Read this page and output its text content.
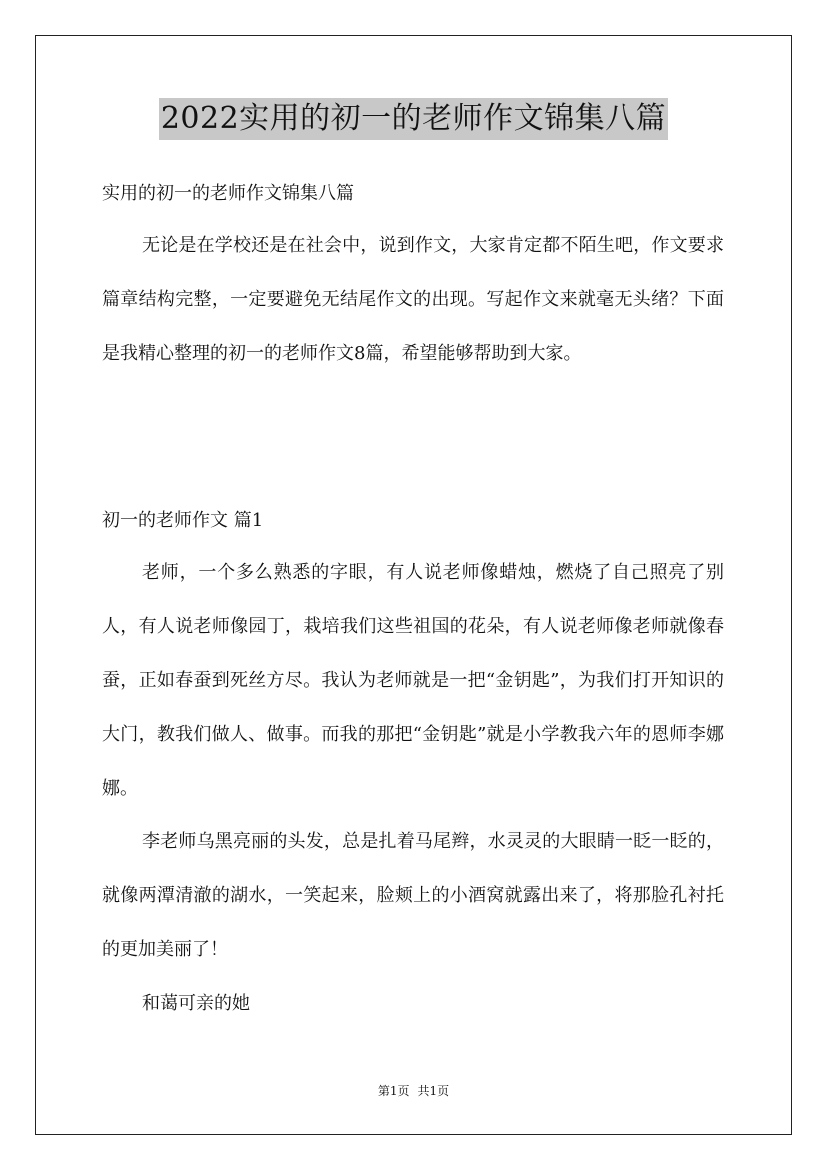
2022实用的初一的老师作文锦集八篇
实用的初一的老师作文锦集八篇

无论是在学校还是在社会中，说到作文，大家肯定都不陌生吧，作文要求篇章结构完整，一定要避免无结尾作文的出现。写起作文来就毫无头绪？下面是我精心整理的初一的老师作文8篇，希望能够帮助到大家。

初一的老师作文 篇1

老师，一个多么熟悉的字眼，有人说老师像蜡烛，燃烧了自己照亮了别人，有人说老师像园丁，栽培我们这些祖国的花朵，有人说老师像老师就像春蚕，正如春蚕到死丝方尽。我认为老师就是一把“金钥匙”，为我们打开知识的大门，教我们做人、做事。而我的那把“金钥匙”就是小学教我六年的恩师李娜娜。

李老师乌黑亮丽的头发，总是扎着马尾辫，水灵灵的大眼睛一眨一眨的，就像两潭清澈的湖水，一笑起来，脸颊上的小酒窝就露出来了，将那脸孔衬托的更加美丽了！

和蔼可亲的她

第1页 共1页
